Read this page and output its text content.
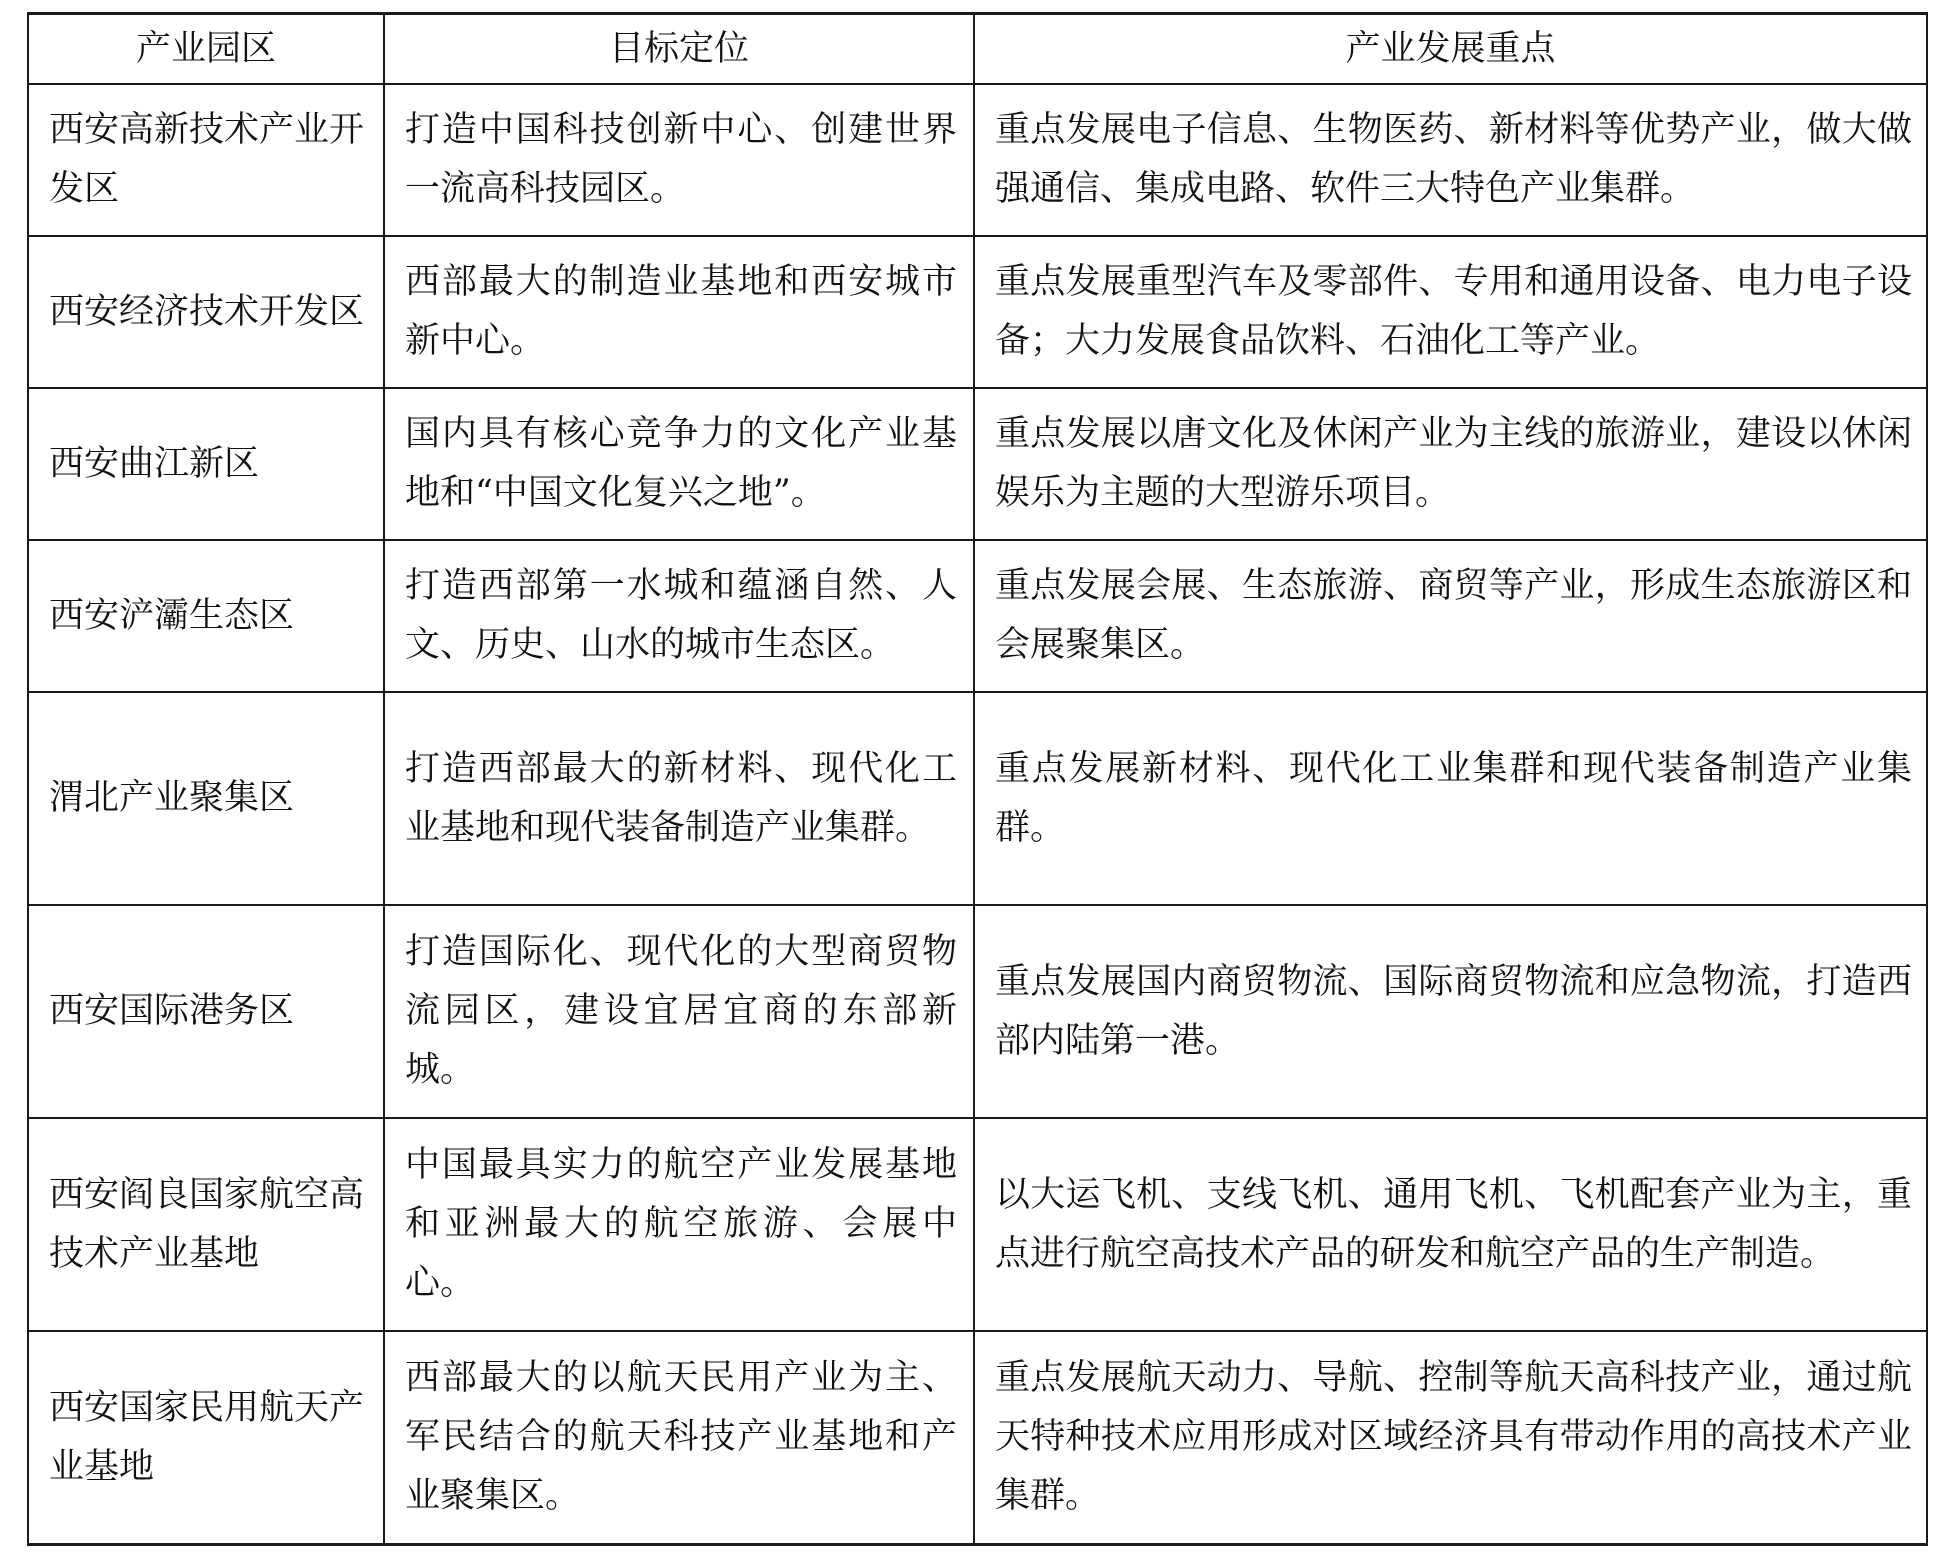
产业园区	目标定位	产业发展重点
西安高新技术产业开发区	打造中国科技创新中心、创建世界一流高科技园区。	重点发展电子信息、生物医药、新材料等优势产业，做大做强通信、集成电路、软件三大特色产业集群。
西安经济技术开发区	西部最大的制造业基地和西安城市新中心。	重点发展重型汽车及零部件、专用和通用设备、电力电子设备；大力发展食品饮料、石油化工等产业。
西安曲江新区	国内具有核心竞争力的文化产业基地和“中国文化复兴之地”。	重点发展以唐文化及休闲产业为主线的旅游业，建设以休闲娱乐为主题的大型游乐项目。
西安浐灞生态区	打造西部第一水城和蕴涵自然、人文、历史、山水的城市生态区。	重点发展会展、生态旅游、商贸等产业，形成生态旅游区和会展聚集区。
渭北产业聚集区	打造西部最大的新材料、现代化工业基地和现代装备制造产业集群。	重点发展新材料、现代化工业集群和现代装备制造产业集群。
西安国际港务区	打造国际化、现代化的大型商贸物流园区，建设宜居宜商的东部新城。	重点发展国内商贸物流、国际商贸物流和应急物流，打造西部内陆第一港。
西安阎良国家航空高技术产业基地	中国最具实力的航空产业发展基地和亚洲最大的航空旅游、会展中心。	以大运飞机、支线飞机、通用飞机、飞机配套产业为主，重点进行航空高技术产品的研发和航空产品的生产制造。
西安国家民用航天产业基地	西部最大的以航天民用产业为主、军民结合的航天科技产业基地和产业聚集区。	重点发展航天动力、导航、控制等航天高科技产业，通过航天特种技术应用形成对区域经济具有带动作用的高技术产业集群。
